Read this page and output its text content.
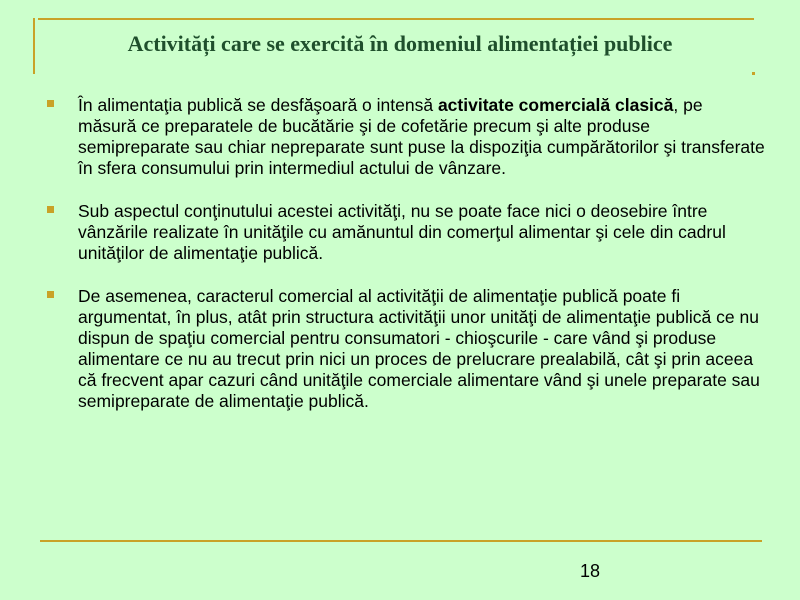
Activități care se exercită în domeniul alimentației publice

În alimentaţia publică se desfăşoară o intensă activitate comercială clasică, pe măsură ce preparatele de bucătărie şi de cofetărie precum şi alte produse semipreparate sau chiar nepreparate sunt puse la dispoziţia cumpărătorilor şi transferate în sfera consumului prin intermediul actului de vânzare.

Sub aspectul conţinutului acestei activităţi, nu se poate face nici o deosebire între vânzările realizate în unităţile cu amănuntul din comerţul alimentar şi cele din cadrul unităţilor de alimentaţie publică.

De asemenea, caracterul comercial al activităţii de alimentaţie publică poate fi argumentat, în plus, atât prin structura activităţii unor unităţi de alimentaţie publică ce nu dispun de spaţiu comercial pentru consumatori - chioşcurile - care vând şi produse alimentare ce nu au trecut prin nici un proces de prelucrare prealabilă, cât şi prin aceea că frecvent apar cazuri când unităţile comerciale alimentare vând şi unele preparate sau semipreparate de alimentaţie publică.

18
